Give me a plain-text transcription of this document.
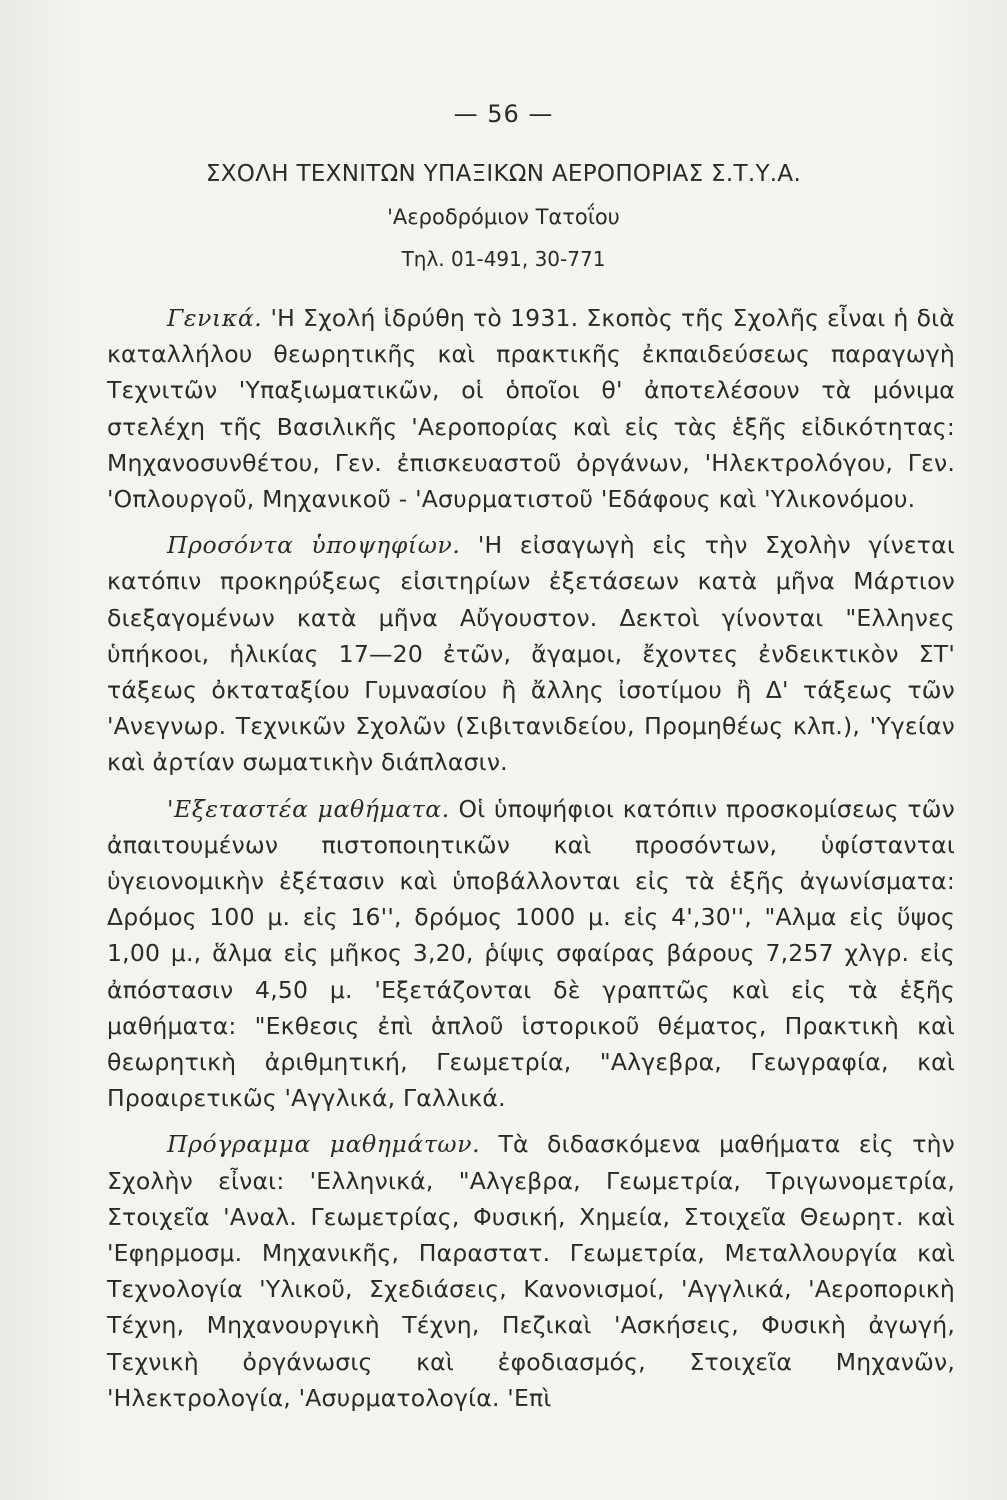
— 56 —
ΣΧΟΛΗ ΤΕΧΝΙΤΩΝ ΥΠΑΞΙΚΩΝ ΑΕΡΟΠΟΡΙΑΣ Σ.Τ.Υ.Α.
'Αεροδρόμιον Τατοΐου
Τηλ. 01-491, 30-771

Γενικά. 'Η Σχολή ἱδρύθη τὸ 1931. Σκοπὸς τῆς Σχολῆς εἶναι ἡ διὰ καταλλήλου θεωρητικῆς καὶ πρακτικῆς ἐκπαιδεύσεως παραγωγὴ Τεχνιτῶν 'Υπαξιωματικῶν, οἱ ὁποῖοι θ' ἀποτελέσουν τὰ μόνιμα στελέχη τῆς Βασιλικῆς 'Αεροπορίας καὶ εἰς τὰς ἑξῆς εἰδικότητας: Μηχανοσυνθέτου, Γεν. ἐπισκευαστοῦ ὀργάνων, 'Ηλεκτρολόγου, Γεν. 'Οπλουργοῦ, Μηχανικοῦ - 'Ασυρματιστοῦ 'Εδάφους καὶ 'Υλικονόμου.

Προσόντα ὑποψηφίων. 'Η εἰσαγωγὴ εἰς τὴν Σχολὴν γίνεται κατόπιν προκηρύξεως εἰσιτηρίων ἐξετάσεων κατὰ μῆνα Μάρτιον διεξαγομένων κατὰ μῆνα Αὔγουστον. Δεκτοὶ γίνονται "Ελληνες ὑπήκοοι, ἡλικίας 17—20 ἐτῶν, ἄγαμοι, ἔχοντες ἐνδεικτικὸν ΣΤ' τάξεως ὀκταταξίου Γυμνασίου ἢ ἄλλης ἰσοτίμου ἢ Δ' τάξεως τῶν 'Ανεγνωρ. Τεχνικῶν Σχολῶν (Σιβιτανιδείου, Προμηθέως κλπ.), 'Υγείαν καὶ ἀρτίαν σωματικὴν διάπλασιν.

'Εξεταστέα μαθήματα. Οἱ ὑποψήφιοι κατόπιν προσκομίσεως τῶν ἀπαιτουμένων πιστοποιητικῶν καὶ προσόντων, ὑφίστανται ὑγειονομικὴν ἐξέτασιν καὶ ὑποβάλλονται εἰς τὰ ἑξῆς ἀγωνίσματα: Δρόμος 100 μ. εἰς 16'', δρόμος 1000 μ. εἰς 4',30'', "Αλμα εἰς ὕψος 1,00 μ., ἅλμα εἰς μῆκος 3,20, ῥίψις σφαίρας βάρους 7,257 χλγρ. εἰς ἀπόστασιν 4,50 μ. 'Εξετάζονται δὲ γραπτῶς καὶ εἰς τὰ ἑξῆς μαθήματα: "Εκθεσις ἐπὶ ἁπλοῦ ἱστορικοῦ θέματος, Πρακτικὴ καὶ θεωρητικὴ ἀριθμητική, Γεωμετρία, "Αλγεβρα, Γεωγραφία, καὶ Προαιρετικῶς 'Αγγλικά, Γαλλικά.

Πρόγραμμα μαθημάτων. Τὰ διδασκόμενα μαθήματα εἰς τὴν Σχολὴν εἶναι: 'Ελληνικά, "Αλγεβρα, Γεωμετρία, Τριγωνομετρία, Στοιχεῖα 'Αναλ. Γεωμετρίας, Φυσική, Χημεία, Στοιχεῖα Θεωρητ. καὶ 'Εφηρμοσμ. Μηχανικῆς, Παραστατ. Γεωμετρία, Μεταλλουργία καὶ Τεχνολογία 'Υλικοῦ, Σχεδιάσεις, Κανονισμοί, 'Αγγλικά, 'Αεροπορικὴ Τέχνη, Μηχανουργικὴ Τέχνη, Πεζικαὶ 'Ασκήσεις, Φυσικὴ ἀγωγή, Τεχνικὴ ὀργάνωσις καὶ ἐφοδιασμός, Στοιχεῖα Μηχανῶν, 'Ηλεκτρολογία, 'Ασυρματολογία. 'Επὶ
